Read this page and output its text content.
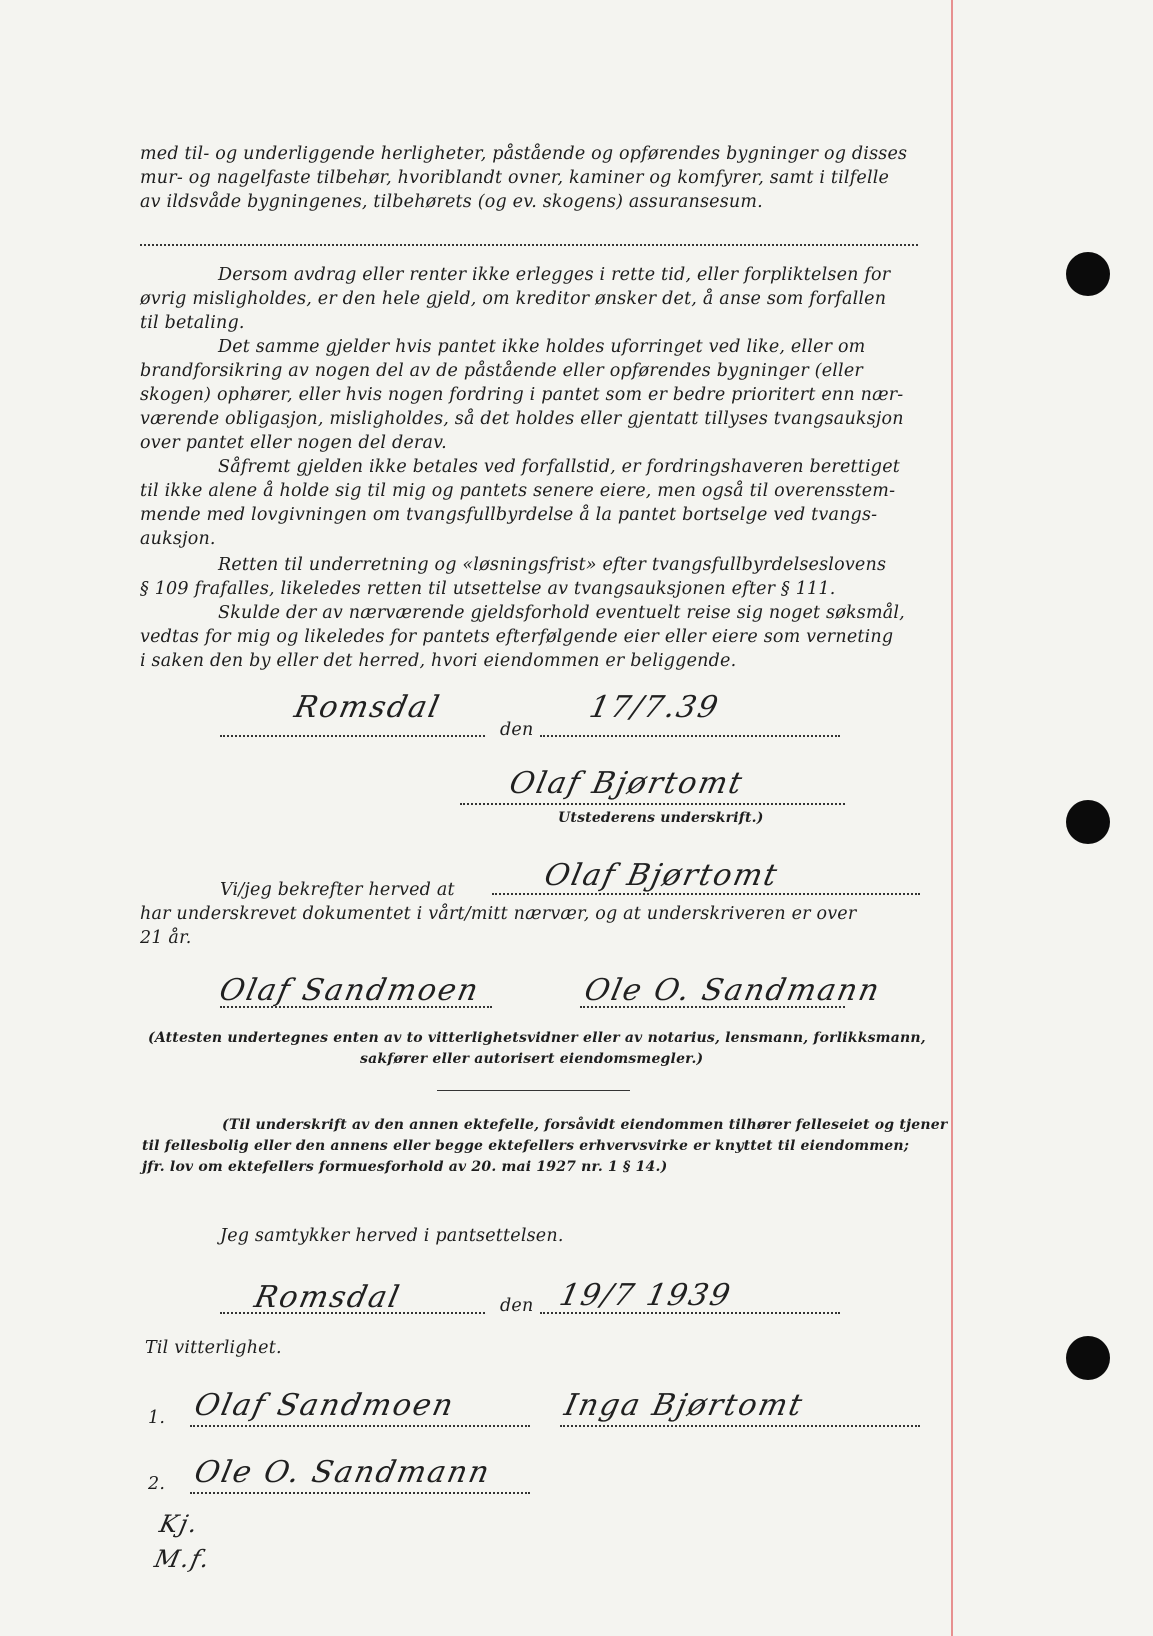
med til- og underliggende herligheter, påstående og opførendes bygninger og disses
mur- og nagelfaste tilbehør, hvoriblandt ovner, kaminer og komfyrer, samt i tilfelle
av ildsvåde bygningenes, tilbehørets (og ev. skogens) assuransesum.
Dersom avdrag eller renter ikke erlegges i rette tid, eller forpliktelsen for
øvrig misligholdes, er den hele gjeld, om kreditor ønsker det, å anse som forfallen
til betaling.
Det samme gjelder hvis pantet ikke holdes uforringet ved like, eller om
brandforsikring av nogen del av de påstående eller opførendes bygninger (eller
skogen) ophører, eller hvis nogen fordring i pantet som er bedre prioritert enn nær-
værende obligasjon, misligholdes, så det holdes eller gjentatt tillyses tvangsauksjon
over pantet eller nogen del derav.
Såfremt gjelden ikke betales ved forfallstid, er fordringshaveren berettiget
til ikke alene å holde sig til mig og pantets senere eiere, men også til overensstem-
mende med lovgivningen om tvangsfullbyrdelse å la pantet bortselge ved tvangs-
auksjon.
Retten til underretning og «løsningsfrist» efter tvangsfullbyrdelseslovens
§ 109 frafalles, likeledes retten til utsettelse av tvangsauksjonen efter § 111.
Skulde der av nærværende gjeldsforhold eventuelt reise sig noget søksmål,
vedtas for mig og likeledes for pantets efterfølgende eier eller eiere som verneting
i saken den by eller det herred, hvori eiendommen er beliggende.
Romsdal
den
17/7.39
Olaf Bjørtomt
Utstederens underskrift.)
Vi/jeg bekrefter herved at	Olaf Bjørtomt
har underskrevet dokumentet i vårt/mitt nærvær, og at underskriveren er over
21 år.
Olaf Sandmoen	Ole O. Sandmann
(Attesten undertegnes enten av to vitterlighetsvidner eller av notarius, lensmann, forlikksmann,
sakfører eller autorisert eiendomsmegler.)
(Til underskrift av den annen ektefelle, forsåvidt eiendommen tilhører felleseiet og tjener
til fellesbolig eller den annens eller begge ektefellers erhvervsvirke er knyttet til eiendommen;
jfr. lov om ektefellers formuesforhold av 20. mai 1927 nr. 1 § 14.)
Jeg samtykker herved i pantsettelsen.
Romsdal	den 19/7 1939
Til vitterlighet.
1. Olaf Sandmoen	Inga Bjørtomt
2. Ole O. Sandmann
Kj.
M.f.
